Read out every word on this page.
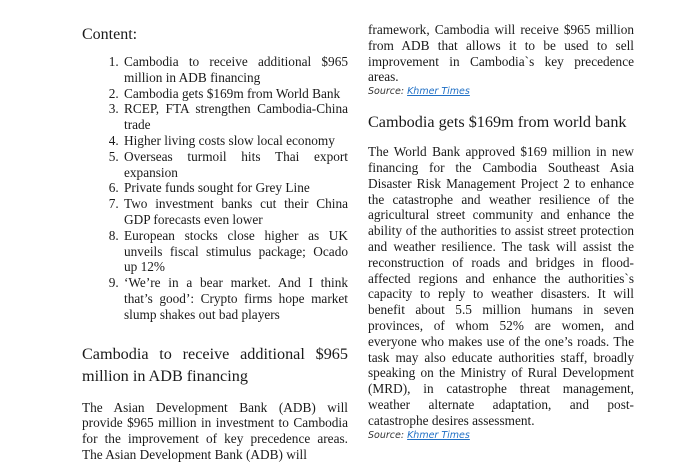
Content:

1. Cambodia to receive additional $965 million in ADB financing
2. Cambodia gets $169m from World Bank
3. RCEP, FTA strengthen Cambodia-China trade
4. Higher living costs slow local economy
5. Overseas turmoil hits Thai export expansion
6. Private funds sought for Grey Line
7. Two investment banks cut their China GDP forecasts even lower
8. European stocks close higher as UK unveils fiscal stimulus package; Ocado up 12%
9. ‘We’re in a bear market. And I think that’s good’: Crypto firms hope market slump shakes out bad players

Cambodia to receive additional $965 million in ADB financing

The Asian Development Bank (ADB) will provide $965 million in investment to Cambodia for the improvement of key precedence areas. The Asian Development Bank (ADB) will

framework, Cambodia will receive $965 million from ADB that allows it to be used to sell improvement in Cambodia`s key precedence areas.

Source: Khmer Times

Cambodia gets $169m from world bank

The World Bank approved $169 million in new financing for the Cambodia Southeast Asia Disaster Risk Management Project 2 to enhance the catastrophe and weather resilience of the agricultural street community and enhance the ability of the authorities to assist street protection and weather resilience. The task will assist the reconstruction of roads and bridges in flood-affected regions and enhance the authorities`s capacity to reply to weather disasters. It will benefit about 5.5 million humans in seven provinces, of whom 52% are women, and everyone who makes use of the one’s roads. The task may also educate authorities staff, broadly speaking on the Ministry of Rural Development (MRD), in catastrophe threat management, weather alternate adaptation, and post-catastrophe desires assessment.

Source: Khmer Times
